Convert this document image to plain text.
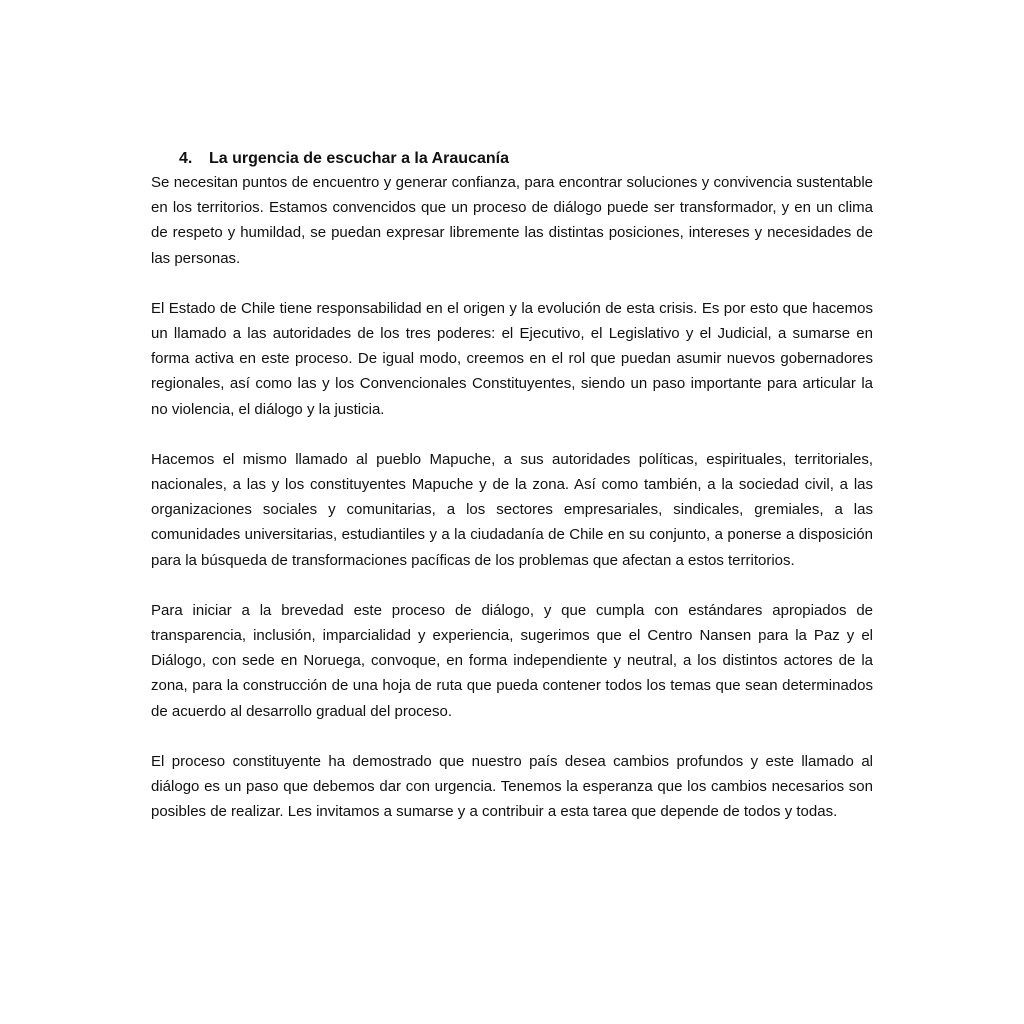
4.	La urgencia de escuchar a la Araucanía

Se necesitan puntos de encuentro y generar confianza, para encontrar soluciones y convivencia sustentable en los territorios. Estamos convencidos que un proceso de diálogo puede ser transformador, y en un clima de respeto y humildad, se puedan expresar libremente las distintas posiciones, intereses y necesidades de las personas.

El Estado de Chile tiene responsabilidad en el origen y la evolución de esta crisis. Es por esto que hacemos un llamado a las autoridades de los tres poderes: el Ejecutivo, el Legislativo y el Judicial, a sumarse en forma activa en este proceso. De igual modo, creemos en el rol que puedan asumir nuevos gobernadores regionales, así como las y los Convencionales Constituyentes, siendo un paso importante para articular la no violencia, el diálogo y la justicia.

Hacemos el mismo llamado al pueblo Mapuche, a sus autoridades políticas, espirituales, territoriales, nacionales, a las y los constituyentes Mapuche y de la zona. Así como también, a la sociedad civil, a las organizaciones sociales y comunitarias, a los sectores empresariales, sindicales, gremiales, a las comunidades universitarias, estudiantiles y a la ciudadanía de Chile en su conjunto, a ponerse a disposición para la búsqueda de transformaciones pacíficas de los problemas que afectan a estos territorios.

Para iniciar a la brevedad este proceso de diálogo, y que cumpla con estándares apropiados de transparencia, inclusión, imparcialidad y experiencia, sugerimos que el Centro Nansen para la Paz y el Diálogo, con sede en Noruega, convoque, en forma independiente y neutral, a los distintos actores de la zona, para la construcción de una hoja de ruta que pueda contener todos los temas que sean determinados de acuerdo al desarrollo gradual del proceso.

El proceso constituyente ha demostrado que nuestro país desea cambios profundos y este llamado al diálogo es un paso que debemos dar con urgencia. Tenemos la esperanza que los cambios necesarios son posibles de realizar. Les invitamos a sumarse y a contribuir a esta tarea que depende de todos y todas.
